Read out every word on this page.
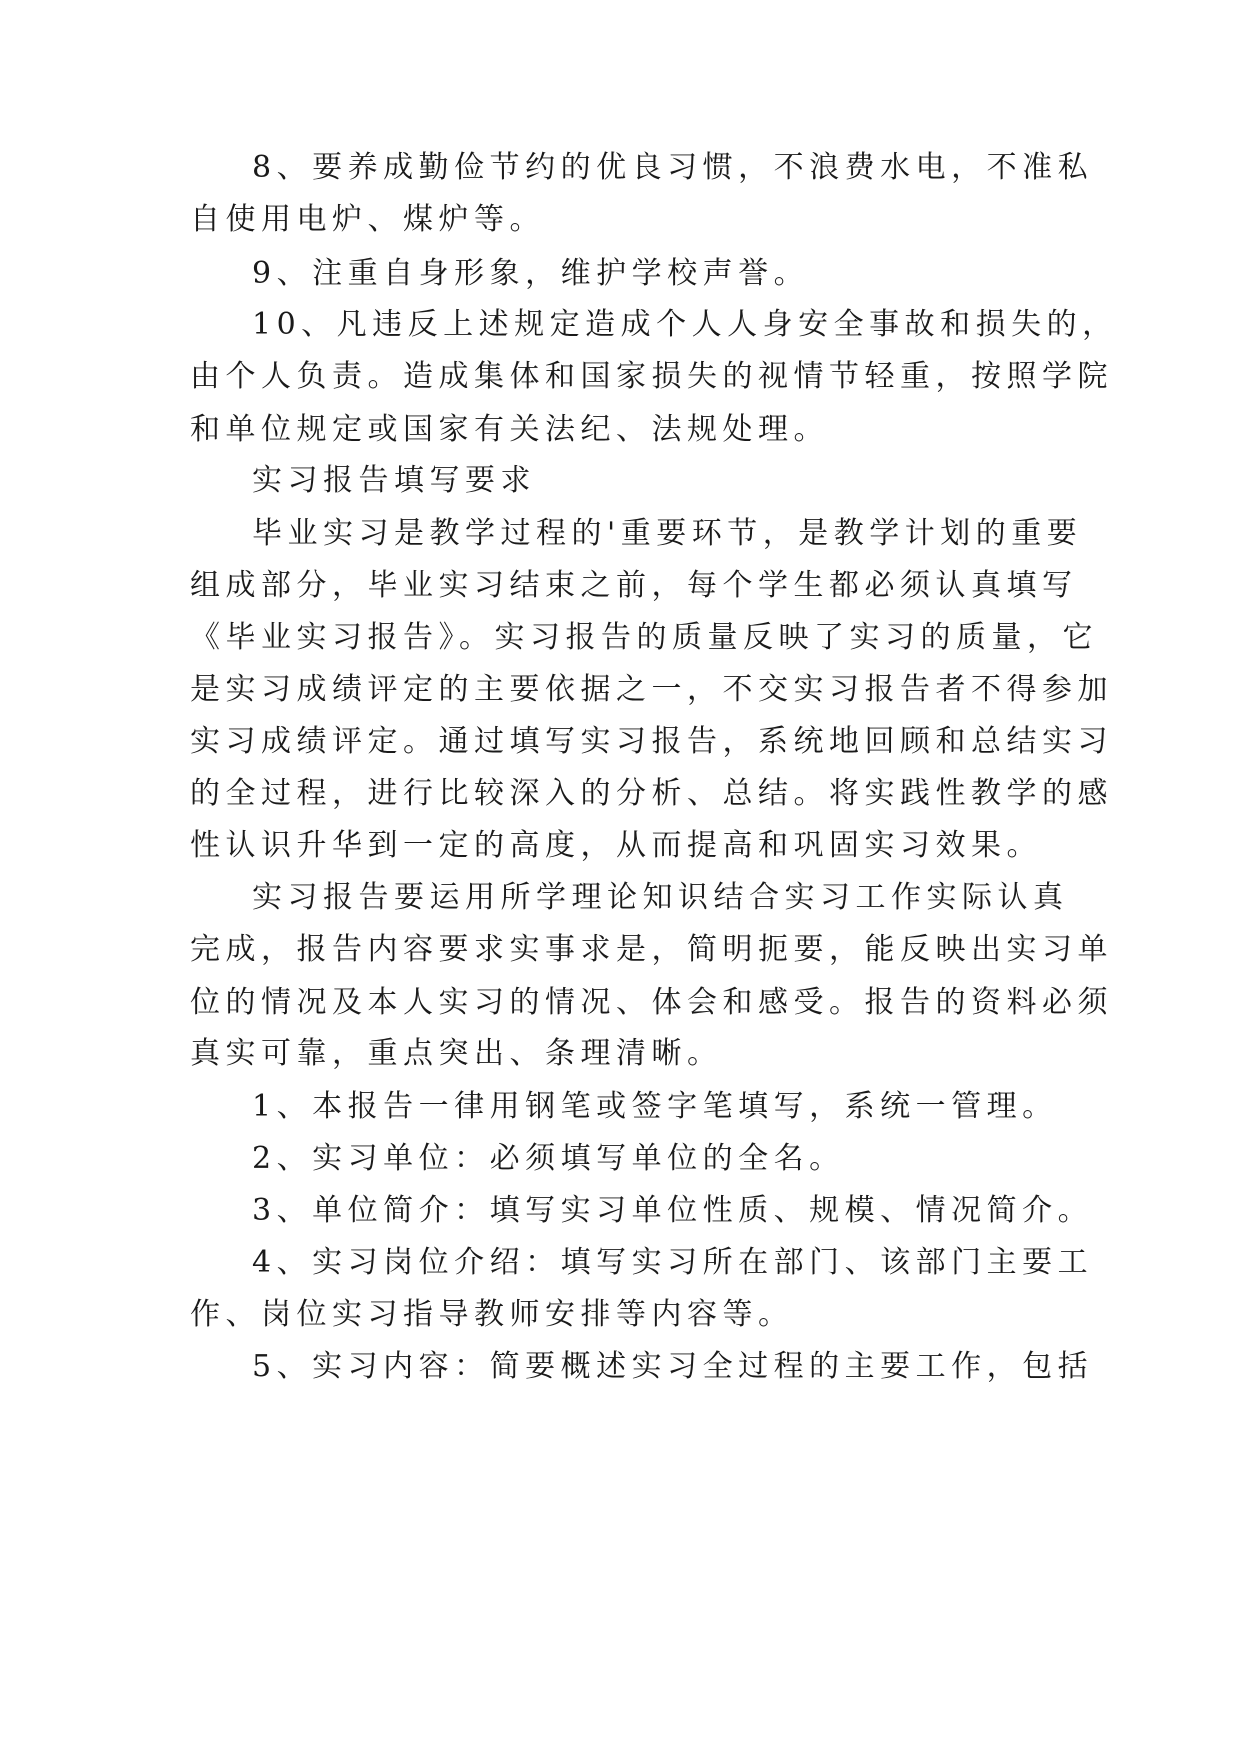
8、要养成勤俭节约的优良习惯，不浪费水电，不准私

自使用电炉、煤炉等。

9、注重自身形象，维护学校声誉。

10、凡违反上述规定造成个人人身安全事故和损失的，

由个人负责。造成集体和国家损失的视情节轻重，按照学院

和单位规定或国家有关法纪、法规处理。

实习报告填写要求

毕业实习是教学过程的'重要环节，是教学计划的重要

组成部分，毕业实习结束之前，每个学生都必须认真填写

《毕业实习报告》。实习报告的质量反映了实习的质量，它

是实习成绩评定的主要依据之一，不交实习报告者不得参加

实习成绩评定。通过填写实习报告，系统地回顾和总结实习

的全过程，进行比较深入的分析、总结。将实践性教学的感

性认识升华到一定的高度，从而提高和巩固实习效果。

实习报告要运用所学理论知识结合实习工作实际认真

完成，报告内容要求实事求是，简明扼要，能反映出实习单

位的情况及本人实习的情况、体会和感受。报告的资料必须

真实可靠，重点突出、条理清晰。

1、本报告一律用钢笔或签字笔填写，系统一管理。

2、实习单位：必须填写单位的全名。

3、单位简介：填写实习单位性质、规模、情况简介。

4、实习岗位介绍：填写实习所在部门、该部门主要工

作、岗位实习指导教师安排等内容等。

5、实习内容：简要概述实习全过程的主要工作，包括
